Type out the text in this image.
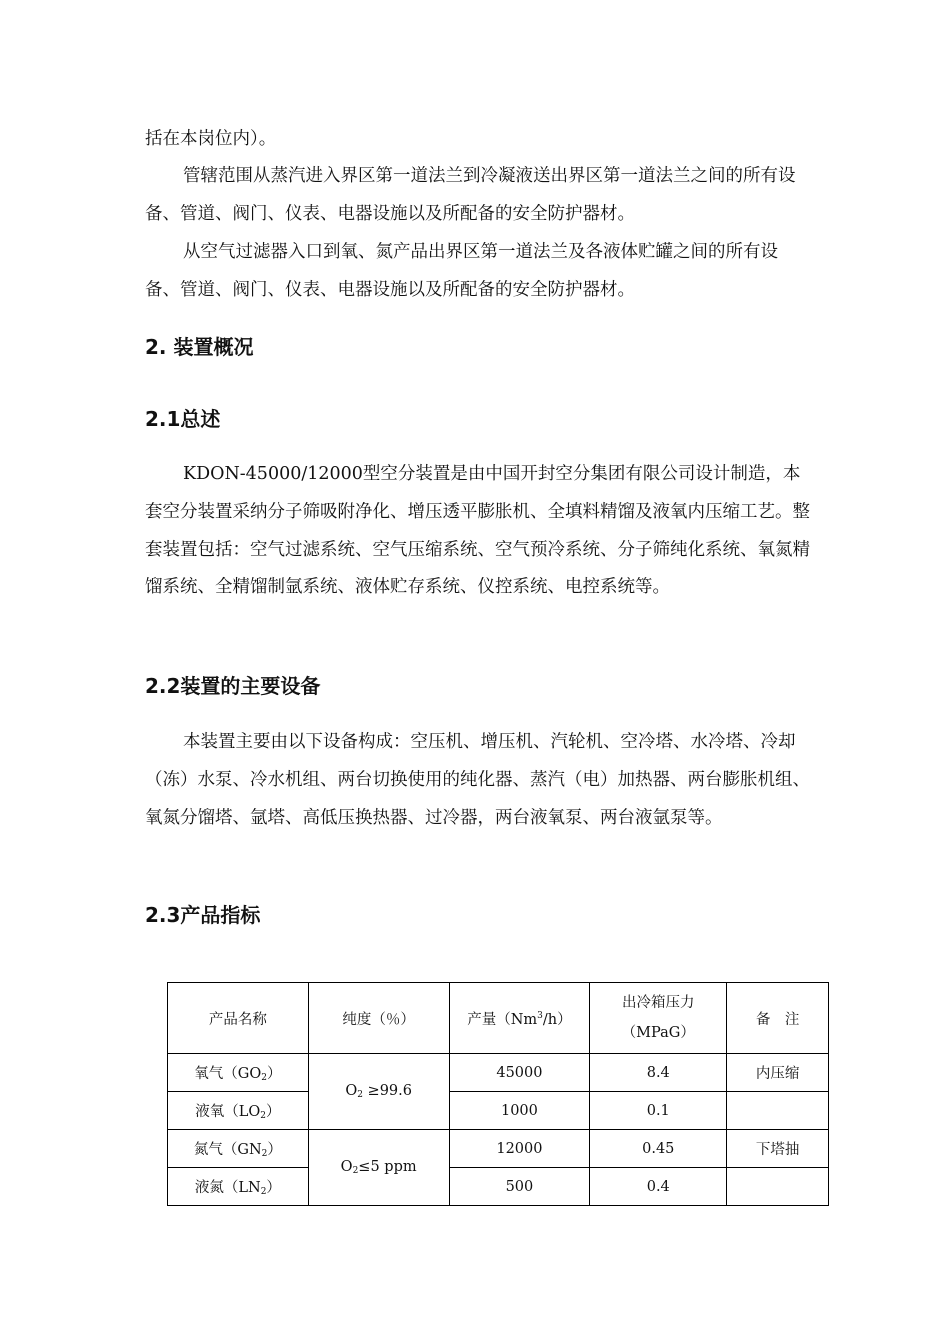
括在本岗位内）。

管辖范围从蒸汽进入界区第一道法兰到冷凝液送出界区第一道法兰之间的所有设备、管道、阀门、仪表、电器设施以及所配备的安全防护器材。

从空气过滤器入口到氧、氮产品出界区第一道法兰及各液体贮罐之间的所有设备、管道、阀门、仪表、电器设施以及所配备的安全防护器材。

2. 装置概况
2.1总述

KDON-45000/12000型空分装置是由中国开封空分集团有限公司设计制造，本套空分装置采纳分子筛吸附净化、增压透平膨胀机、全填料精馏及液氧内压缩工艺。整套装置包括：空气过滤系统、空气压缩系统、空气预冷系统、分子筛纯化系统、氧氮精馏系统、全精馏制氩系统、液体贮存系统、仪控系统、电控系统等。

2.2装置的主要设备

本装置主要由以下设备构成：空压机、增压机、汽轮机、空冷塔、水冷塔、冷却（冻）水泵、冷水机组、两台切换使用的纯化器、蒸汽（电）加热器、两台膨胀机组、氧氮分馏塔、氩塔、高低压换热器、过冷器，两台液氧泵、两台液氩泵等。

2.3产品指标
产品名称	纯度（％）	产量（Nm$^3$/h）	出冷箱压力
（MPaG）	备　注
氧气$(GO_2)$	$O_2 \ge 99.6$	45000	8.4	内压缩
液氧$(LO_2)$		1000	0.1	
氮气$(GN_2)$	$O_2\le 5$ ppm	12000	0.45	下塔抽
液氮$(LN_2)$		500	0.4	
